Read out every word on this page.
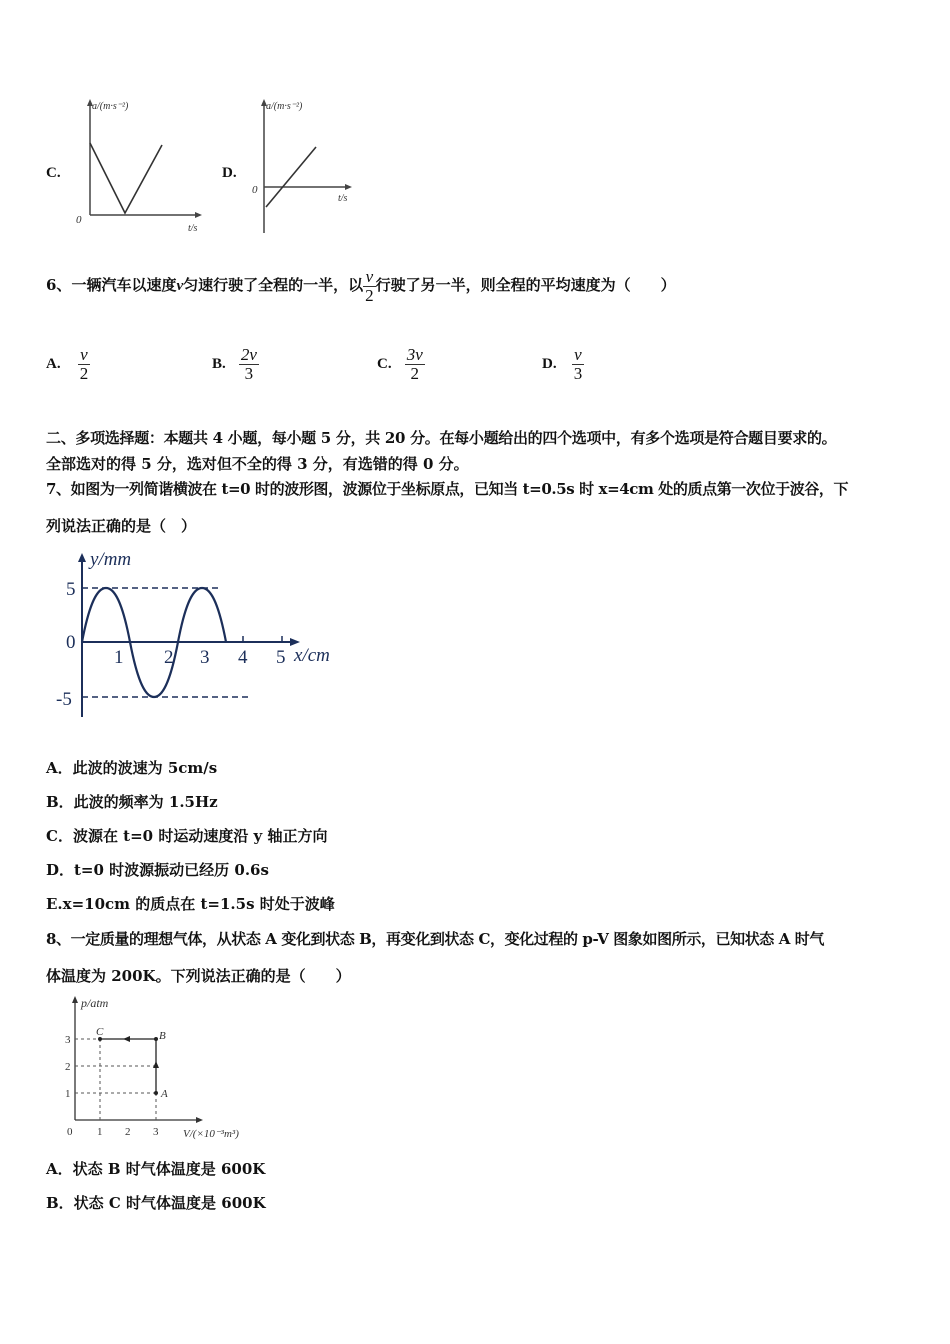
C.
a/(m·s⁻²)
0
t/s
D.
a/(m·s⁻²)
0
t/s
6、一辆汽车以速度v匀速行驶了全程的一半，以 $\frac{v}{2}$ 行驶了另一半，则全程的平均速度为（　　）
A. $\frac{v}{2}$	B. $\frac{2v}{3}$	C. $\frac{3v}{2}$	D. $\frac{v}{3}$
二、多项选择题：本题共 4 小题，每小题 5 分，共 20 分。在每小题给出的四个选项中，有多个选项是符合题目要求的。
全部选对的得 5 分，选对但不全的得 3 分，有选错的得 0 分。
7、如图为一列简谐横波在 t=0 时的波形图，波源位于坐标原点，已知当 t=0.5s 时 x=4cm 处的质点第一次位于波谷，下
列说法正确的是（　）
y/mm
5
0
-5
1 2 3 4 5 x/cm
A．此波的波速为 5cm/s
B．此波的频率为 1.5Hz
C．波源在 t=0 时运动速度沿 y 轴正方向
D．t=0 时波源振动已经历 0.6s
E.x=10cm 的质点在 t=1.5s 时处于波峰
8、一定质量的理想气体，从状态 A 变化到状态 B，再变化到状态 C，变化过程的 p-V 图象如图所示，已知状态 A 时气
体温度为 200K。下列说法正确的是（　　）
p/atm
3
2
1
0 1 2 3 V/(×10⁻³m³)
A
B
C
A．状态 B 时气体温度是 600K
B．状态 C 时气体温度是 600K
